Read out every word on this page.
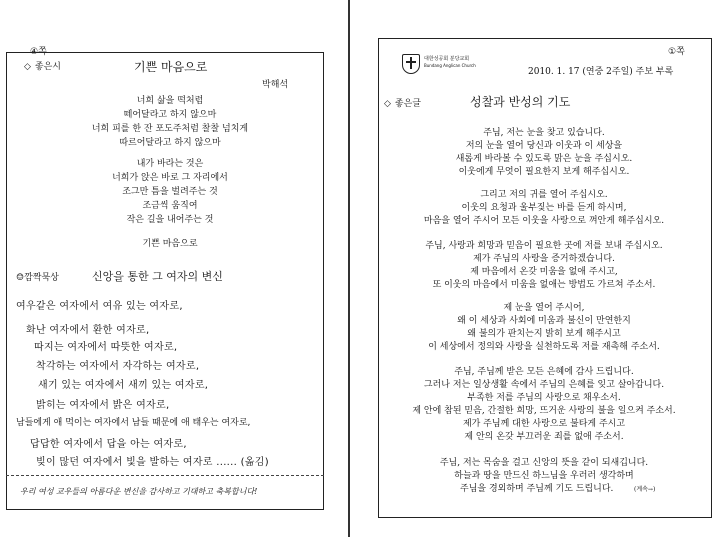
④쪽
◇ 좋은시	기쁜 마음으로
박해석
너희 삶을 떡처럼
떼어달라고 하지 않으마
너희 피를 한 잔 포도주처럼 찰찰 넘치게
따르어달라고 하지 않으마
내가 바라는 것은
너희가 앉은 바로 그 자리에서
조그만 틈을 벌려주는 것
조금씩 움직여
작은 길을 내어주는 것
기쁜 마음으로
☺깜짝묵상	신앙을 통한 그 여자의 변신
여우같은 여자에서 여유 있는 여자로,
화난 여자에서 환한 여자로,
따지는 여자에서 따뜻한 여자로,
착각하는 여자에서 자각하는 여자로,
새기 있는 여자에서 새끼 있는 여자로,
밝히는 여자에서 밝은 여자로,
남들에게 애 먹이는 여자에서 남들 때문에 애 태우는 여자로,
답답한 여자에서 답을 아는 여자로,
빚이 많던 여자에서 빛을 발하는 여자로 ...... (옮김)
우리 여성 교우들의 아름다운 변신을 감사하고 기대하고 축복합니다!
①쪽
대한성공회 분당교회
Bundang Anglican Church
2010. 1. 17 (연중 2주일) 주보 부록
◇ 좋은글	성찰과 반성의 기도
주님, 저는 눈을 찾고 있습니다.
저의 눈을 열어 당신과 이웃과 이 세상을
새롭게 바라볼 수 있도록 맑은 눈을 주십시오.
이웃에게 무엇이 필요한지 보게 해주십시오.
그리고 저의 귀를 열어 주십시오.
이웃의 요청과 울부짖는 바를 듣게 하시며,
마음을 열어 주시어 모든 이웃을 사랑으로 껴안게 해주십시오.
주님, 사랑과 희망과 믿음이 필요한 곳에 저를 보내 주십시오.
제가 주님의 사랑을 증거하겠습니다.
제 마음에서 온갖 미움을 없애 주시고,
또 이웃의 마음에서 미움을 없애는 방법도 가르쳐 주소서.
제 눈을 열어 주시어,
왜 이 세상과 사회에 미움과 불신이 만연한지
왜 불의가 판치는지 밝히 보게 해주시고
이 세상에서 정의와 사랑을 실천하도록 저를 재촉해 주소서.
주님, 주님께 받은 모든 은혜에 감사 드립니다.
그러나 저는 일상생활 속에서 주님의 은혜를 잊고 살아갑니다.
부족한 저를 주님의 사랑으로 채우소서.
제 안에 참된 믿음, 간절한 희망, 뜨거운 사랑의 불을 일으켜 주소서.
제가 주님께 대한 사랑으로 불타게 주시고
제 안의 온갖 부끄러운 죄를 없애 주소서.
주님, 저는 목숨을 걸고 신앙의 뜻을 같이 되새깁니다.
하늘과 땅을 만드신 하느님을 우러러 생각하며
주님을 경외하며 주님께 기도 드립니다.	(계속→)
